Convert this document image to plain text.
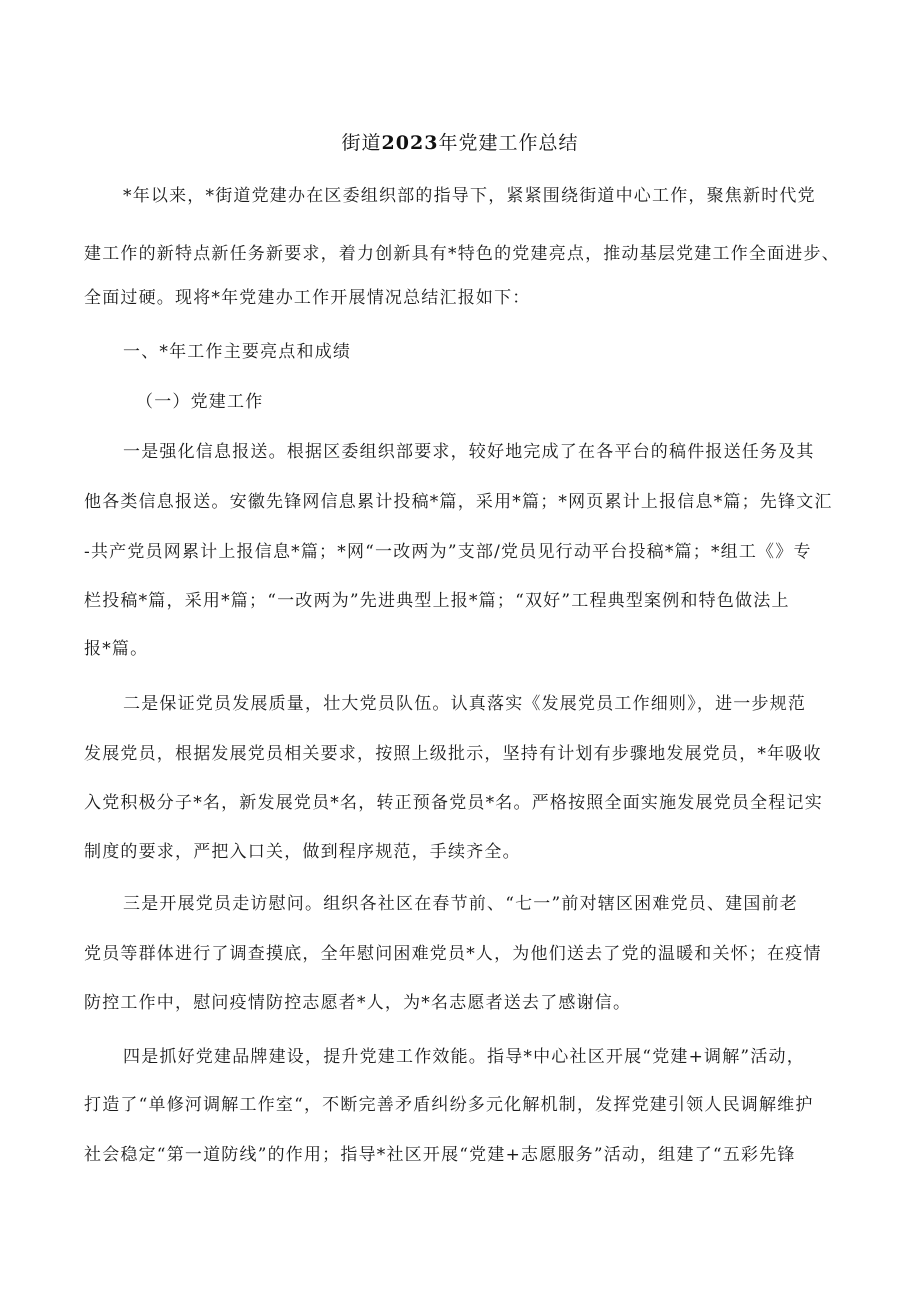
街道2023年党建工作总结
*年以来，*街道党建办在区委组织部的指导下，紧紧围绕街道中心工作，聚焦新时代党
建工作的新特点新任务新要求，着力创新具有*特色的党建亮点，推动基层党建工作全面进步、
全面过硬。现将*年党建办工作开展情况总结汇报如下：
一、*年工作主要亮点和成绩
（一）党建工作
一是强化信息报送。根据区委组织部要求，较好地完成了在各平台的稿件报送任务及其
他各类信息报送。安徽先锋网信息累计投稿*篇，采用*篇；*网页累计上报信息*篇；先锋文汇
-共产党员网累计上报信息*篇；*网“一改两为”支部/党员见行动平台投稿*篇；*组工《》专
栏投稿*篇，采用*篇；“一改两为”先进典型上报*篇；“双好”工程典型案例和特色做法上
报*篇。
二是保证党员发展质量，壮大党员队伍。认真落实《发展党员工作细则》，进一步规范
发展党员，根据发展党员相关要求，按照上级批示，坚持有计划有步骤地发展党员，*年吸收
入党积极分子*名，新发展党员*名，转正预备党员*名。严格按照全面实施发展党员全程记实
制度的要求，严把入口关，做到程序规范，手续齐全。
三是开展党员走访慰问。组织各社区在春节前、“七一”前对辖区困难党员、建国前老
党员等群体进行了调查摸底，全年慰问困难党员*人，为他们送去了党的温暖和关怀；在疫情
防控工作中，慰问疫情防控志愿者*人，为*名志愿者送去了感谢信。
四是抓好党建品牌建设，提升党建工作效能。指导*中心社区开展“党建+调解”活动，
打造了“单修河调解工作室“，不断完善矛盾纠纷多元化解机制，发挥党建引领人民调解维护
社会稳定“第一道防线”的作用；指导*社区开展“党建+志愿服务”活动，组建了“五彩先锋
